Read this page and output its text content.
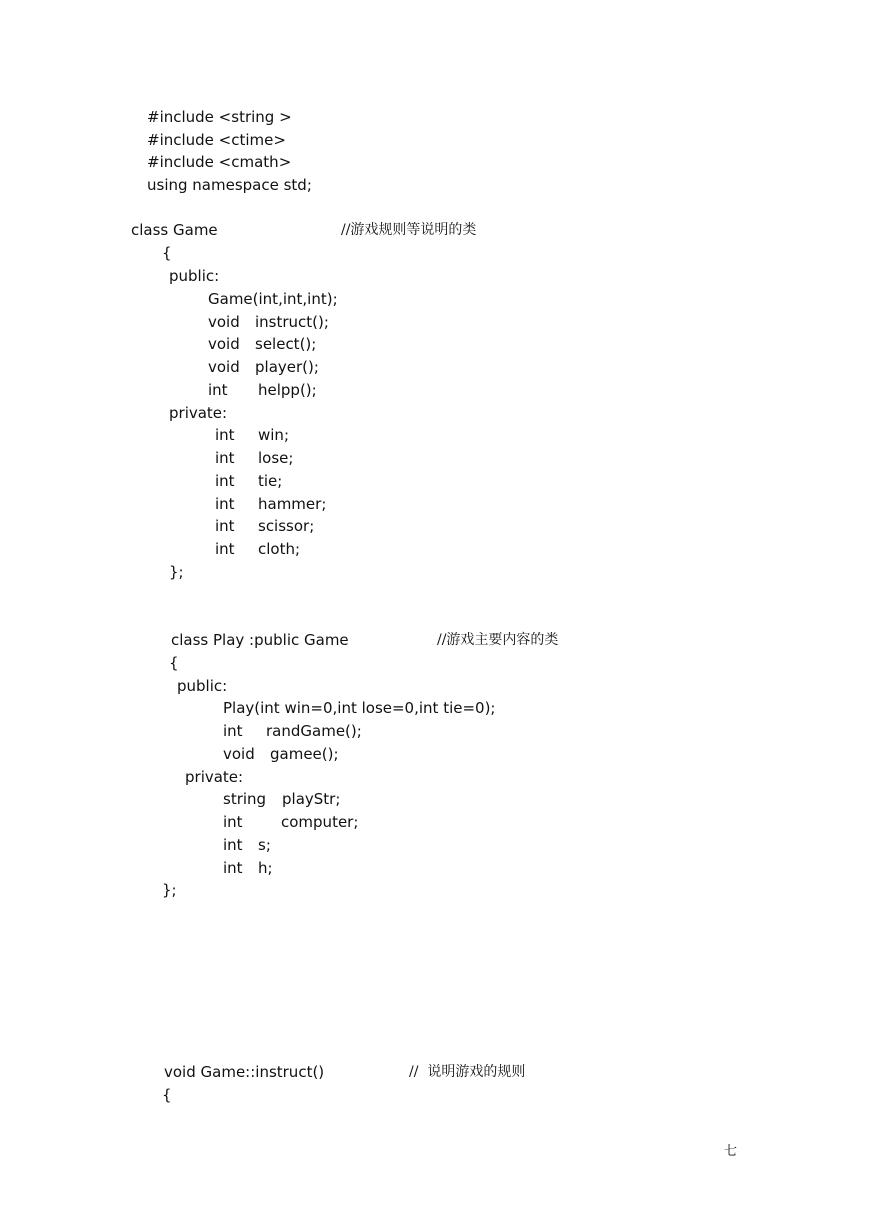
#include <string >
#include <ctime>
#include <cmath>
using namespace std;
class Game	//游戏规则等说明的类
{
public:
Game(int,int,int);
void instruct();
void select();
void player();
int helpp();
private:
int win;
int lose;
int tie;
int hammer;
int scissor;
int cloth;
};
class Play :public Game	//游戏主要内容的类
{
public:
Play(int win=0,int lose=0,int tie=0);
int randGame();
void gamee();
private:
string playStr;
int	computer;
int s;
int h;
};
void Game::instruct()	//  说明游戏的规则
{
七
